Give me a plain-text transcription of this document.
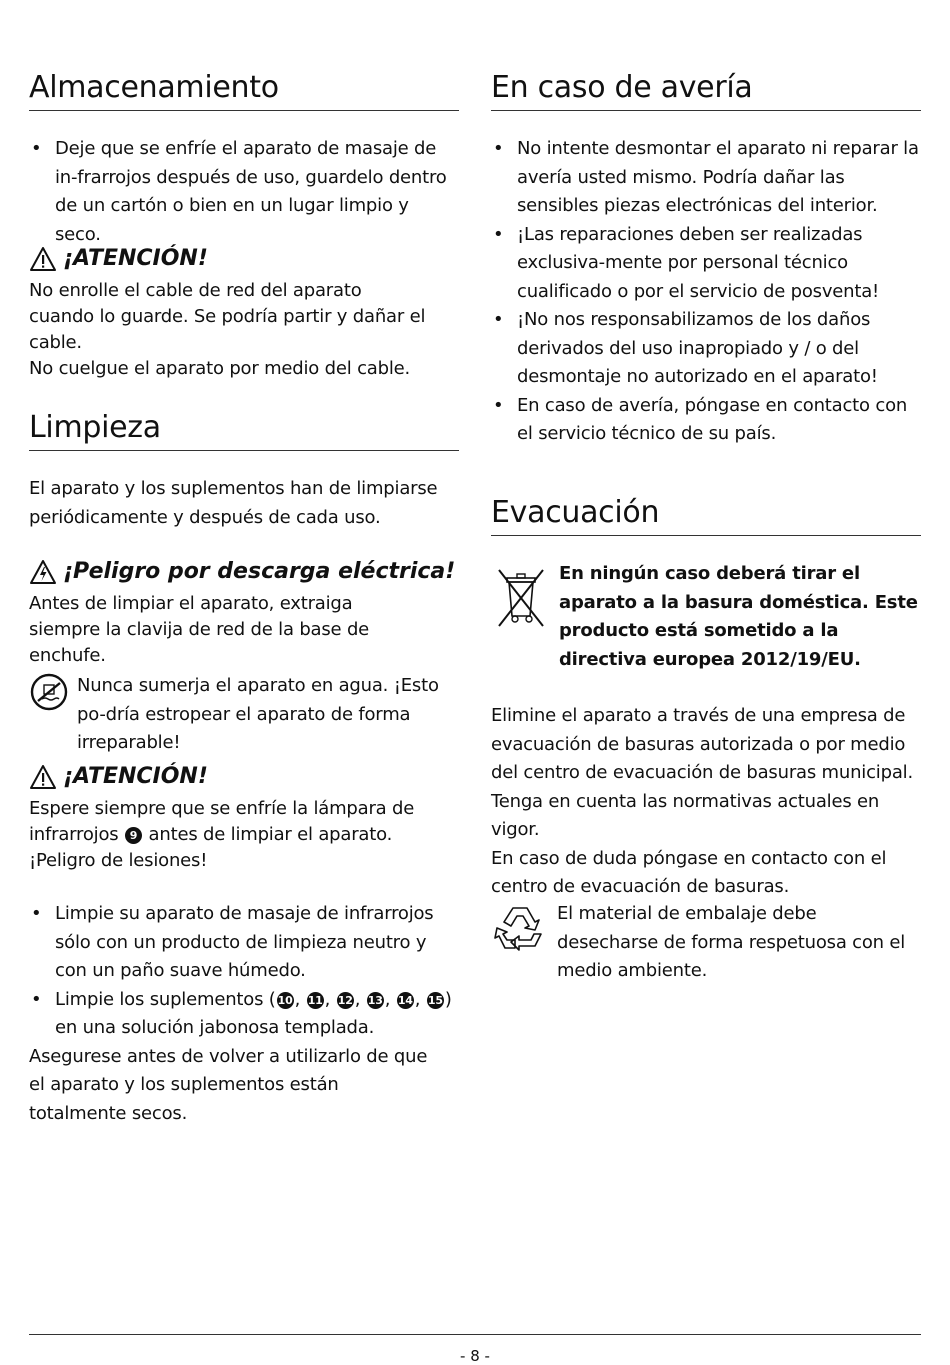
Almacenamiento
• Deje que se enfríe el aparato de masaje de in-frarrojos después de uso, guardelo dentro de un cartón o bien en un lugar limpio y seco.
¡ATENCIÓN!

No enrolle el cable de red del aparato cuando lo guarde. Se podría partir y dañar el cable.

No cuelgue el aparato por medio del cable.

Limpieza

El aparato y los suplementos han de limpiarse periódicamente y después de cada uso.

¡Peligro por descarga eléctrica!

Antes de limpiar el aparato, extraiga siempre la clavija de red de la base de enchufe.

Nunca sumerja el aparato en agua. ¡Esto po-dría estropear el aparato de forma irreparable!

¡ATENCIÓN!

Espere siempre que se enfríe la lámpara de infrarrojos 9 antes de limpiar el aparato.

¡Peligro de lesiones!

• Limpie su aparato de masaje de infrarrojos sólo con un producto de limpieza neutro y con un paño suave húmedo.
• Limpie los suplementos ( 10 , 11 , 12 , 13 , 14 , 15 ) en una solución jabonosa templada.

Asegurese antes de volver a utilizarlo de que el aparato y los suplementos están totalmente secos.

En caso de avería
• No intente desmontar el aparato ni reparar la avería usted mismo. Podría dañar las sensibles piezas electrónicas del interior.
• ¡Las reparaciones deben ser realizadas exclusiva-mente por personal técnico cualificado o por el servicio de posventa!
• ¡No nos responsabilizamos de los daños derivados del uso inapropiado y / o del desmontaje no autorizado en el aparato!
• En caso de avería, póngase en contacto con el servicio técnico de su país.
Evacuación

En ningún caso deberá tirar el aparato a la basura doméstica. Este producto está sometido a la directiva europea 2012/19/EU.

Elimine el aparato a través de una empresa de evacuación de basuras autorizada o por medio del centro de evacuación de basuras municipal.

Tenga en cuenta las normativas actuales en vigor.

En caso de duda póngase en contacto con el centro de evacuación de basuras.

El material de embalaje debe desecharse de forma respetuosa con el medio ambiente.

- 8 -
